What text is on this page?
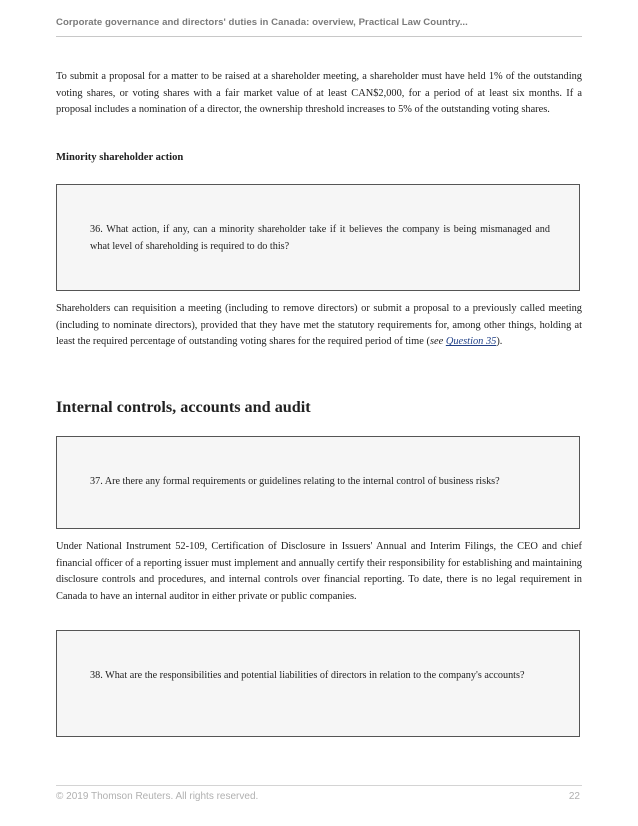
Corporate governance and directors' duties in Canada: overview, Practical Law Country...

To submit a proposal for a matter to be raised at a shareholder meeting, a shareholder must have held 1% of the outstanding voting shares, or voting shares with a fair market value of at least CAN$2,000, for a period of at least six months. If a proposal includes a nomination of a director, the ownership threshold increases to 5% of the outstanding voting shares.

Minority shareholder action

36. What action, if any, can a minority shareholder take if it believes the company is being mismanaged and what level of shareholding is required to do this?

Shareholders can requisition a meeting (including to remove directors) or submit a proposal to a previously called meeting (including to nominate directors), provided that they have met the statutory requirements for, among other things, holding at least the required percentage of outstanding voting shares for the required period of time (see Question 35).

Internal controls, accounts and audit

37. Are there any formal requirements or guidelines relating to the internal control of business risks?

Under National Instrument 52-109, Certification of Disclosure in Issuers' Annual and Interim Filings, the CEO and chief financial officer of a reporting issuer must implement and annually certify their responsibility for establishing and maintaining disclosure controls and procedures, and internal controls over financial reporting. To date, there is no legal requirement in Canada to have an internal auditor in either private or public companies.

38. What are the responsibilities and potential liabilities of directors in relation to the company's accounts?

© 2019 Thomson Reuters. All rights reserved.	22
